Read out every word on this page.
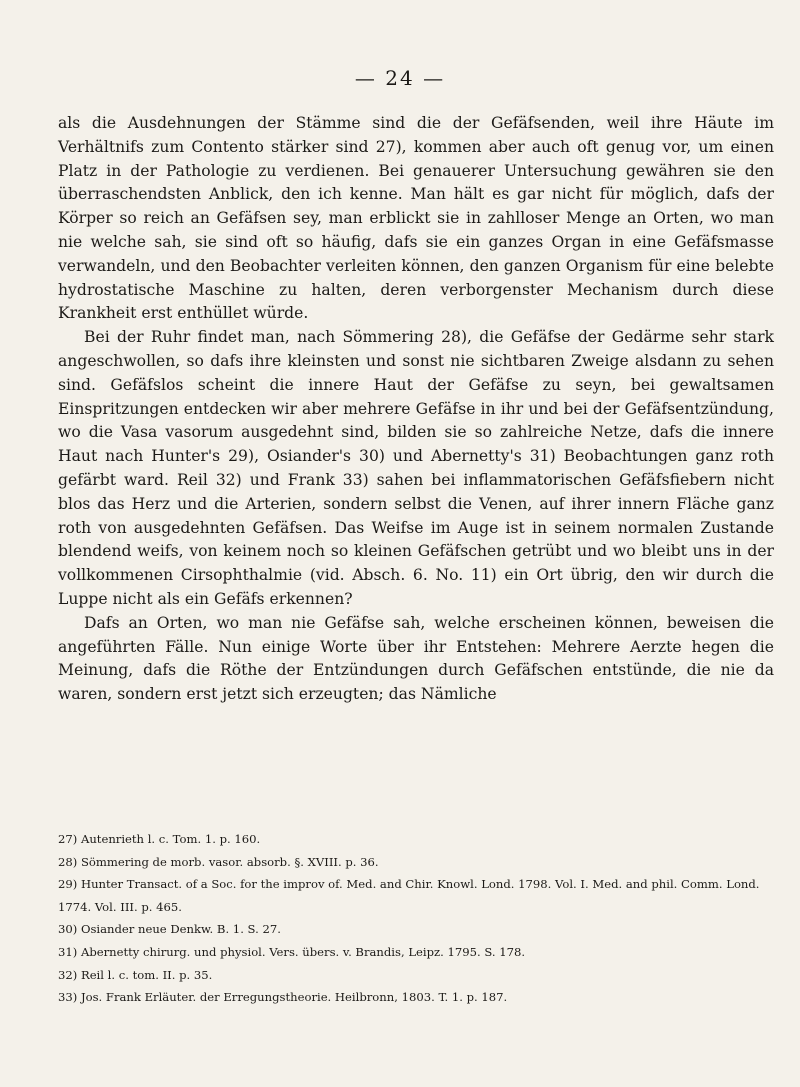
— 24 —

als die Ausdehnungen der Stämme sind die der Gefäfsenden, weil ihre Häute im Verhältnifs zum Contento stärker sind 27), kommen aber auch oft genug vor, um einen Platz in der Pathologie zu verdienen. Bei genauerer Untersuchung gewähren sie den überraschendsten Anblick, den ich kenne. Man hält es gar nicht für möglich, dafs der Körper so reich an Gefäfsen sey, man erblickt sie in zahlloser Menge an Orten, wo man nie welche sah, sie sind oft so häufig, dafs sie ein ganzes Organ in eine Gefäfsmasse verwandeln, und den Beobachter verleiten können, den ganzen Organism für eine belebte hydrostatische Maschine zu halten, deren verborgenster Mechanism durch diese Krankheit erst enthüllet würde.

Bei der Ruhr findet man, nach Sömmering 28), die Gefäfse der Gedärme sehr stark angeschwollen, so dafs ihre kleinsten und sonst nie sichtbaren Zweige alsdann zu sehen sind. Gefäfslos scheint die innere Haut der Gefäfse zu seyn, bei gewaltsamen Einspritzungen entdecken wir aber mehrere Gefäfse in ihr und bei der Gefäfsentzündung, wo die Vasa vasorum ausgedehnt sind, bilden sie so zahlreiche Netze, dafs die innere Haut nach Hunter's 29), Osiander's 30) und Abernetty's 31) Beobachtungen ganz roth gefärbt ward. Reil 32) und Frank 33) sahen bei inflammatorischen Gefäfsfiebern nicht blos das Herz und die Arterien, sondern selbst die Venen, auf ihrer innern Fläche ganz roth von ausgedehnten Gefäfsen. Das Weifse im Auge ist in seinem normalen Zustande blendend weifs, von keinem noch so kleinen Gefäfschen getrübt und wo bleibt uns in der vollkommenen Cirsophthalmie (vid. Absch. 6. No. 11) ein Ort übrig, den wir durch die Luppe nicht als ein Gefäfs erkennen?

Dafs an Orten, wo man nie Gefäfse sah, welche erscheinen können, beweisen die angeführten Fälle. Nun einige Worte über ihr Entstehen: Mehrere Aerzte hegen die Meinung, dafs die Röthe der Entzündungen durch Gefäfschen entstünde, die nie da waren, sondern erst jetzt sich erzeugten; das Nämliche

27) Autenrieth l. c. Tom. 1. p. 160.
28) Sömmering de morb. vasor. absorb. §. XVIII. p. 36.
29) Hunter Transact. of a Soc. for the improv of. Med. and Chir. Knowl. Lond. 1798. Vol. I. Med. and phil. Comm. Lond. 1774. Vol. III. p. 465.
30) Osiander neue Denkw. B. 1. S. 27.
31) Abernetty chirurg. und physiol. Vers. übers. v. Brandis, Leipz. 1795. S. 178.
32) Reil l. c. tom. II. p. 35.
33) Jos. Frank Erläuter. der Erregungstheorie. Heilbronn, 1803. T. 1. p. 187.
